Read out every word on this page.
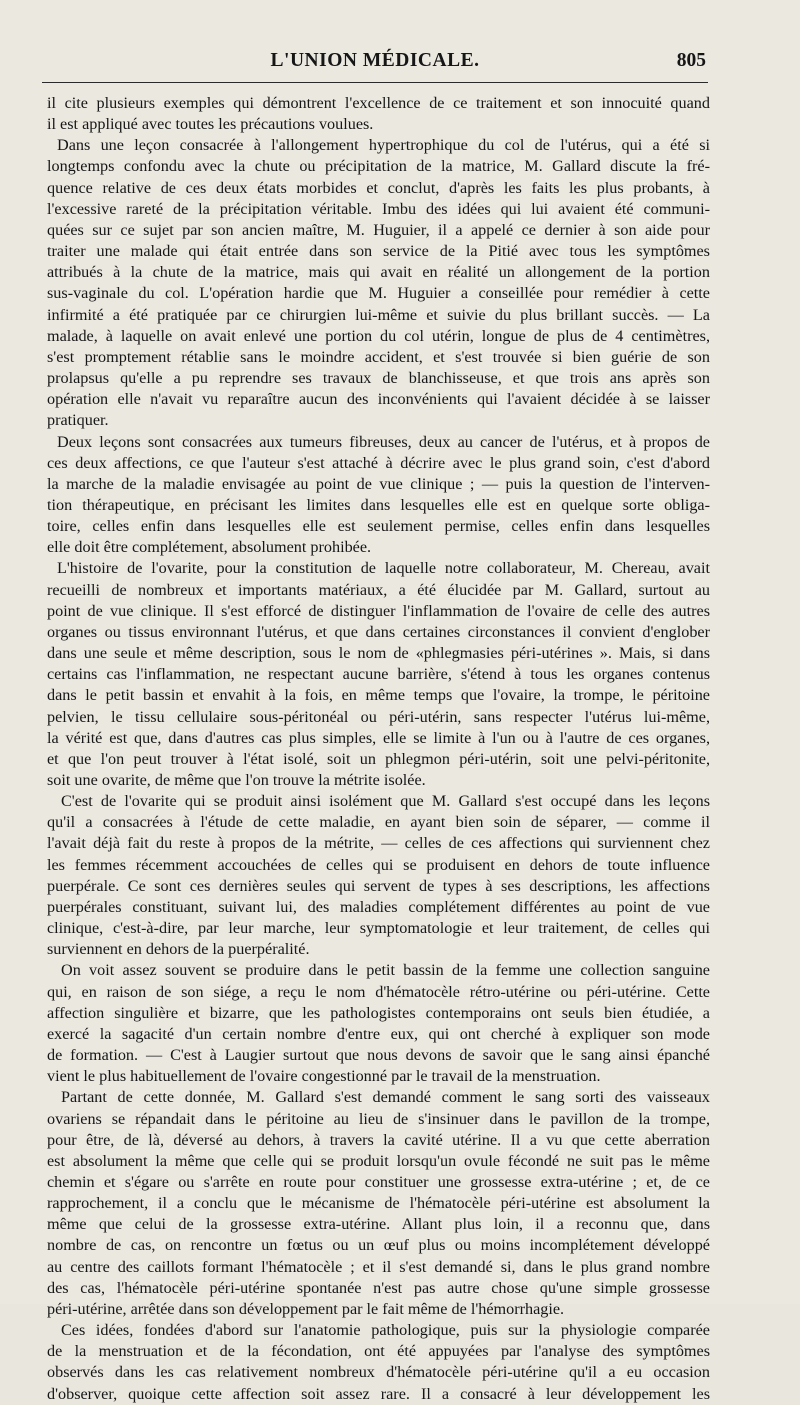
L'UNION MÉDICALE.	805

il cite plusieurs exemples qui démontrent l'excellence de ce traitement et son innocuité quand
il est appliqué avec toutes les précautions voulues.

Dans une leçon consacrée à l'allongement hypertrophique du col de l'utérus, qui a été si
longtemps confondu avec la chute ou précipitation de la matrice, M. Gallard discute la fré-
quence relative de ces deux états morbides et conclut, d'après les faits les plus probants, à
l'excessive rareté de la précipitation véritable. Imbu des idées qui lui avaient été communi-
quées sur ce sujet par son ancien maître, M. Huguier, il a appelé ce dernier à son aide pour
traiter une malade qui était entrée dans son service de la Pitié avec tous les symptômes
attribués à la chute de la matrice, mais qui avait en réalité un allongement de la portion
sus-vaginale du col. L'opération hardie que M. Huguier a conseillée pour remédier à cette
infirmité a été pratiquée par ce chirurgien lui-même et suivie du plus brillant succès. — La
malade, à laquelle on avait enlevé une portion du col utérin, longue de plus de 4 centimètres,
s'est promptement rétablie sans le moindre accident, et s'est trouvée si bien guérie de son
prolapsus qu'elle a pu reprendre ses travaux de blanchisseuse, et que trois ans après son
opération elle n'avait vu reparaître aucun des inconvénients qui l'avaient décidée à se laisser
pratiquer.

Deux leçons sont consacrées aux tumeurs fibreuses, deux au cancer de l'utérus, et à propos de
ces deux affections, ce que l'auteur s'est attaché à décrire avec le plus grand soin, c'est d'abord
la marche de la maladie envisagée au point de vue clinique ; — puis la question de l'interven-
tion thérapeutique, en précisant les limites dans lesquelles elle est en quelque sorte obliga-
toire, celles enfin dans lesquelles elle est seulement permise, celles enfin dans lesquelles
elle doit être complétement, absolument prohibée.

L'histoire de l'ovarite, pour la constitution de laquelle notre collaborateur, M. Chereau, avait
recueilli de nombreux et importants matériaux, a été élucidée par M. Gallard, surtout au
point de vue clinique. Il s'est efforcé de distinguer l'inflammation de l'ovaire de celle des autres
organes ou tissus environnant l'utérus, et que dans certaines circonstances il convient d'englober
dans une seule et même description, sous le nom de «phlegmasies péri-utérines ». Mais, si dans
certains cas l'inflammation, ne respectant aucune barrière, s'étend à tous les organes contenus
dans le petit bassin et envahit à la fois, en même temps que l'ovaire, la trompe, le péritoine
pelvien, le tissu cellulaire sous-péritonéal ou péri-utérin, sans respecter l'utérus lui-même,
la vérité est que, dans d'autres cas plus simples, elle se limite à l'un ou à l'autre de ces organes,
et que l'on peut trouver à l'état isolé, soit un phlegmon péri-utérin, soit une pelvi-péritonite,
soit une ovarite, de même que l'on trouve la métrite isolée.

C'est de l'ovarite qui se produit ainsi isolément que M. Gallard s'est occupé dans les leçons
qu'il a consacrées à l'étude de cette maladie, en ayant bien soin de séparer, — comme il
l'avait déjà fait du reste à propos de la métrite, — celles de ces affections qui surviennent chez
les femmes récemment accouchées de celles qui se produisent en dehors de toute influence
puerpérale. Ce sont ces dernières seules qui servent de types à ses descriptions, les affections
puerpérales constituant, suivant lui, des maladies complétement différentes au point de vue
clinique, c'est-à-dire, par leur marche, leur symptomatologie et leur traitement, de celles qui
surviennent en dehors de la puerpéralité.

On voit assez souvent se produire dans le petit bassin de la femme une collection sanguine
qui, en raison de son siége, a reçu le nom d'hématocèle rétro-utérine ou péri-utérine. Cette
affection singulière et bizarre, que les pathologistes contemporains ont seuls bien étudiée, a
exercé la sagacité d'un certain nombre d'entre eux, qui ont cherché à expliquer son mode
de formation. — C'est à Laugier surtout que nous devons de savoir que le sang ainsi épanché
vient le plus habituellement de l'ovaire congestionné par le travail de la menstruation.

Partant de cette donnée, M. Gallard s'est demandé comment le sang sorti des vaisseaux
ovariens se répandait dans le péritoine au lieu de s'insinuer dans le pavillon de la trompe,
pour être, de là, déversé au dehors, à travers la cavité utérine. Il a vu que cette aberration
est absolument la même que celle qui se produit lorsqu'un ovule fécondé ne suit pas le même
chemin et s'égare ou s'arrête en route pour constituer une grossesse extra-utérine ; et, de ce
rapprochement, il a conclu que le mécanisme de l'hématocèle péri-utérine est absolument la
même que celui de la grossesse extra-utérine. Allant plus loin, il a reconnu que, dans
nombre de cas, on rencontre un fœtus ou un œuf plus ou moins incomplétement développé
au centre des caillots formant l'hématocèle ; et il s'est demandé si, dans le plus grand nombre
des cas, l'hématocèle péri-utérine spontanée n'est pas autre chose qu'une simple grossesse
péri-utérine, arrêtée dans son développement par le fait même de l'hémorrhagie.

Ces idées, fondées d'abord sur l'anatomie pathologique, puis sur la physiologie comparée
de la menstruation et de la fécondation, ont été appuyées par l'analyse des symptômes
observés dans les cas relativement nombreux d'hématocèle péri-utérine qu'il a eu occasion
d'observer, quoique cette affection soit assez rare. Il a consacré à leur développement les
